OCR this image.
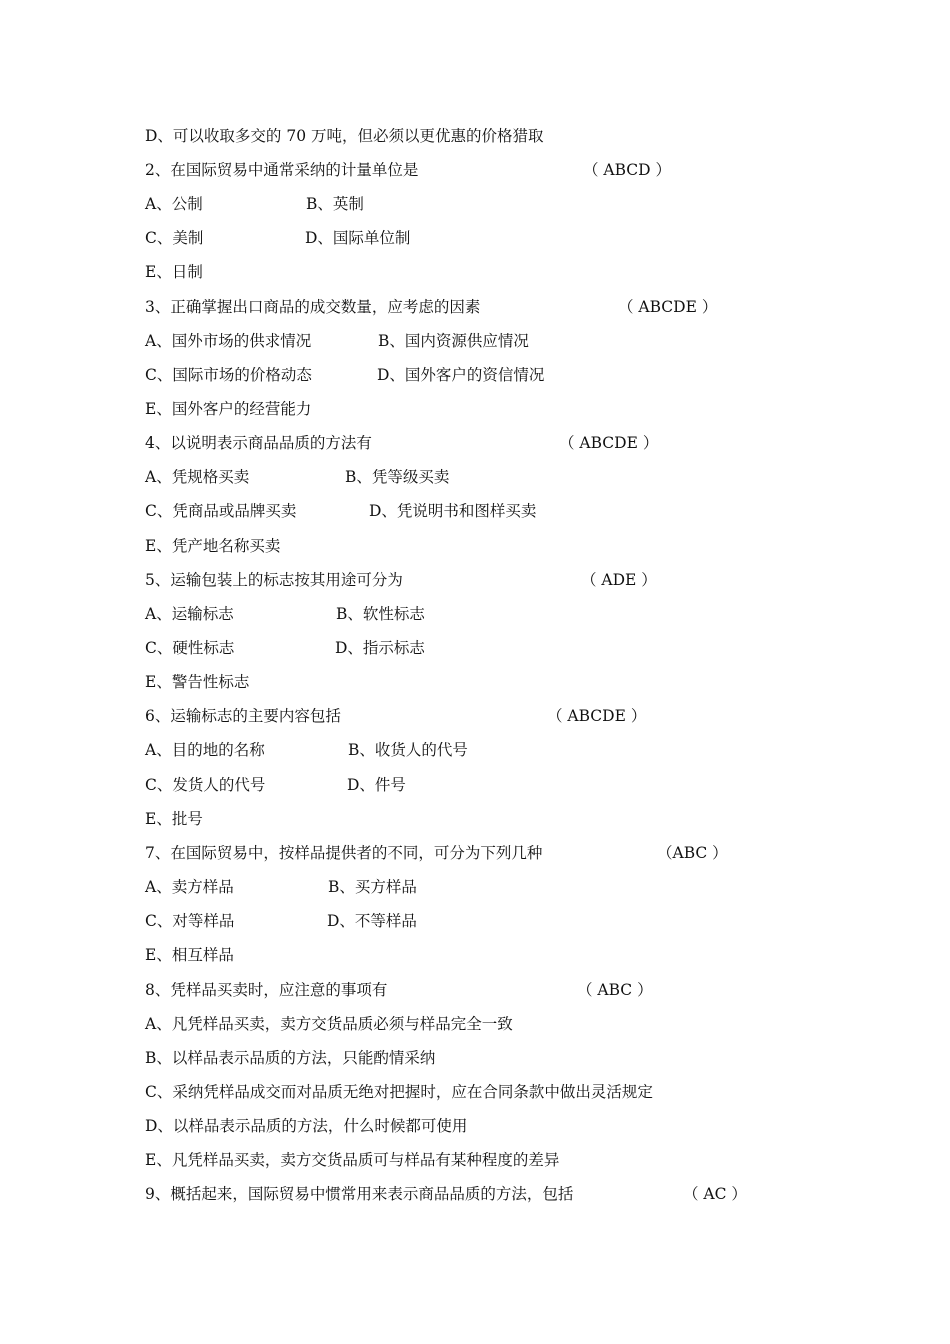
D、可以收取多交的 70 万吨，但必须以更优惠的价格猎取
2、在国际贸易中通常采纳的计量单位是	（ ABCD ）
A、公制	B、英制
C、美制	D、国际单位制
E、日制
3、正确掌握出口商品的成交数量，应考虑的因素	（ ABCDE ）
A、国外市场的供求情况	B、国内资源供应情况
C、国际市场的价格动态	D、国外客户的资信情况
E、国外客户的经营能力
4、以说明表示商品品质的方法有	（ ABCDE ）
A、凭规格买卖	B、凭等级买卖
C、凭商品或品牌买卖	D、凭说明书和图样买卖
E、凭产地名称买卖
5、运输包装上的标志按其用途可分为	（ ADE ）
A、运输标志	B、软性标志
C、硬性标志	D、指示标志
E、警告性标志
6、运输标志的主要内容包括	（ ABCDE ）
A、目的地的名称	B、收货人的代号
C、发货人的代号	D、件号
E、批号
7、在国际贸易中，按样品提供者的不同，可分为下列几种	（ABC ）
A、卖方样品	B、买方样品
C、对等样品	D、不等样品
E、相互样品
8、凭样品买卖时，应注意的事项有	（ ABC ）
A、凡凭样品买卖，卖方交货品质必须与样品完全一致
B、以样品表示品质的方法，只能酌情采纳
C、采纳凭样品成交而对品质无绝对把握时，应在合同条款中做出灵活规定
D、以样品表示品质的方法，什么时候都可使用
E、凡凭样品买卖，卖方交货品质可与样品有某种程度的差异
9、概括起来，国际贸易中惯常用来表示商品品质的方法，包括	（ AC ）
